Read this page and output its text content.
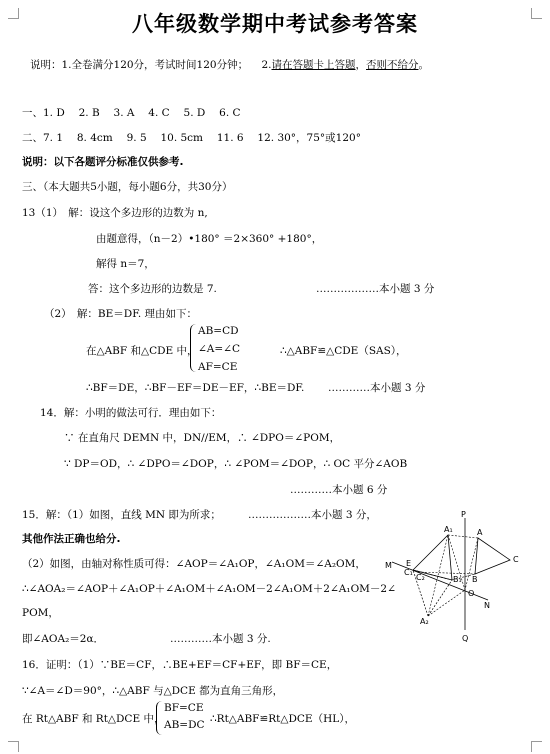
八年级数学期中考试参考答案
说明：1.全卷满分120分，考试时间120分钟； 2.请在答题卡上答题，否则不给分。
一、1. D　 2. B　 3. A　 4. C　 5. D　 6. C
二、7. 1　 8. 4cm　 9. 5　 10. 5cm　 11. 6　 12. 30°，75°或120°
说明：以下各题评分标准仅供参考.
三、（本大题共5小题，每小题6分，共30分）
13（1）　解：设这个多边形的边数为 n,
由题意得，（n－2）•180° ＝2×360° +180°，
解得 n＝7，
答：这个多边形的边数是 7.	………………本小题 3 分
（2）　解：BE＝DF. 理由如下：
在△ABF 和△CDE 中，
AB=CD
∠A=∠C
AF=CE
∴△ABF≌△CDE（SAS），
∴BF＝DE，∴BF－EF＝DE－EF，∴BE＝DF. …………本小题 3 分
14．解：小明的做法可行．理由如下：
∵ 在直角尺 DEMN 中，DN//EM，∴ ∠DPO＝∠POM，
∵ DP＝OD，∴ ∠DPO＝∠DOP，∴ ∠POM＝∠DOP，∴ OC 平分∠AOB
…………本小题 6 分
15．解：（1）如图，直线 MN 即为所求；	………………本小题 3 分，
其他作法正确也给分.
（2）如图，由轴对称性质可得：∠AOP＝∠A₁OP，∠A₁OM＝∠A₂OM，
∴∠AOA₂＝∠AOP＋∠A₁OP＋∠A₁OM＋∠A₁OM－2∠A₁OM＋2∠A₁OM－2∠
POM，
即∠AOA₂＝2α．	…………本小题 3 分.
16．证明：（1）∵BE＝CF，∴BE+EF＝CF+EF，即 BF＝CE，
∵∠A＝∠D＝90°，∴△ABF 与△DCE 都为直角三角形，
在 Rt△ABF 和 Rt△DCE 中，
BF=CE
AB=DC ∴Rt△ABF≌Rt△DCE（HL），
P
A₁	A
C
M E
C₁
C₂	B₁ B
O
N
A₂
Q
